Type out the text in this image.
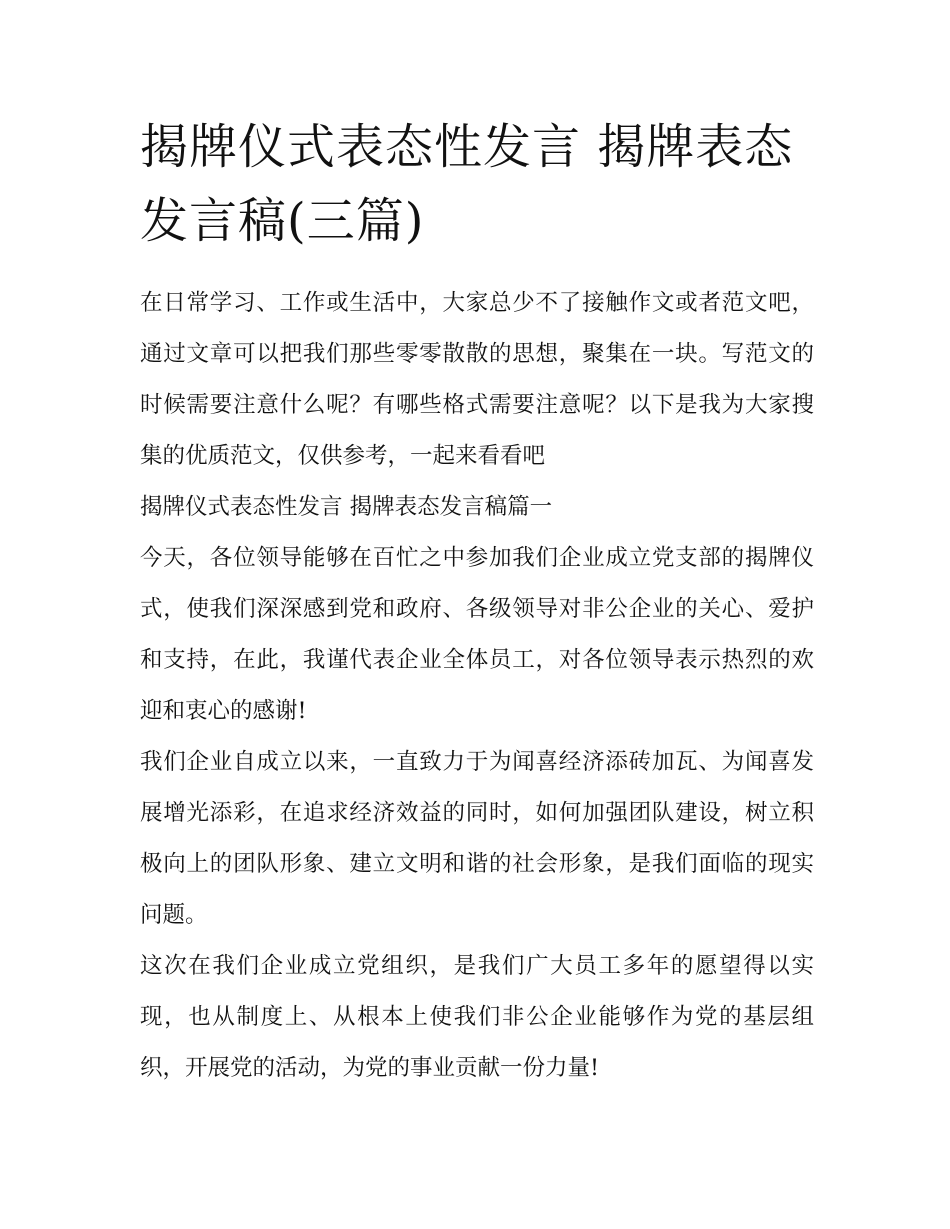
揭牌仪式表态性发言 揭牌表态发言稿(三篇)

在日常学习、工作或生活中，大家总少不了接触作文或者范文吧，通过文章可以把我们那些零零散散的思想，聚集在一块。写范文的时候需要注意什么呢？有哪些格式需要注意呢？以下是我为大家搜集的优质范文，仅供参考，一起来看看吧

揭牌仪式表态性发言 揭牌表态发言稿篇一

今天，各位领导能够在百忙之中参加我们企业成立党支部的揭牌仪式，使我们深深感到党和政府、各级领导对非公企业的关心、爱护和支持，在此，我谨代表企业全体员工，对各位领导表示热烈的欢迎和衷心的感谢!

我们企业自成立以来，一直致力于为闻喜经济添砖加瓦、为闻喜发展增光添彩，在追求经济效益的同时，如何加强团队建设，树立积极向上的团队形象、建立文明和谐的社会形象，是我们面临的现实问题。

这次在我们企业成立党组织，是我们广大员工多年的愿望得以实现，也从制度上、从根本上使我们非公企业能够作为党的基层组织，开展党的活动，为党的事业贡献一份力量!
